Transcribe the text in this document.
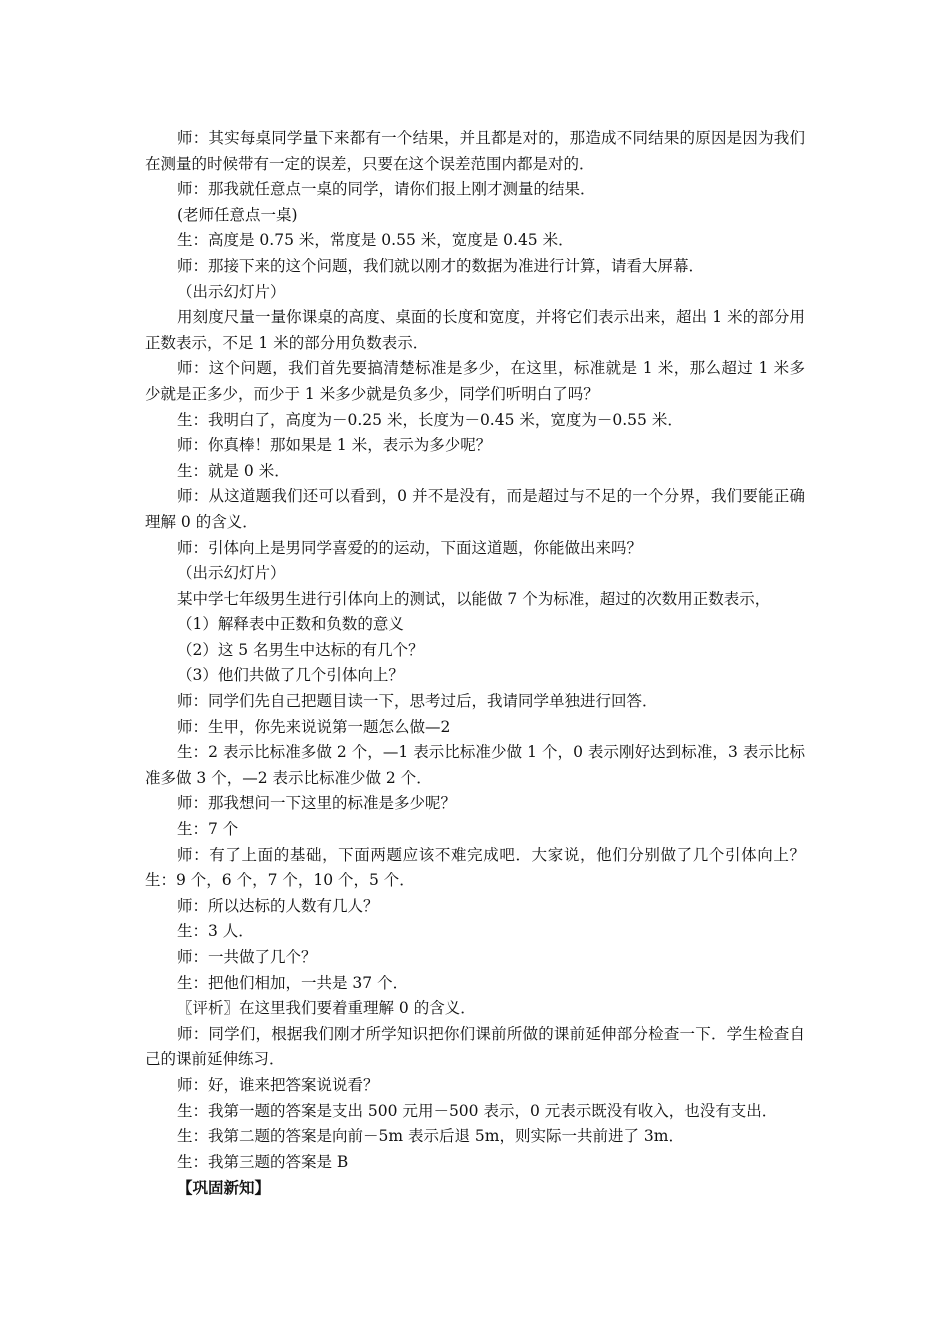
师：其实每桌同学量下来都有一个结果，并且都是对的，那造成不同结果的原因是因为我们在测量的时候带有一定的误差，只要在这个误差范围内都是对的．

师：那我就任意点一桌的同学，请你们报上刚才测量的结果．

(老师任意点一桌)

生：高度是 0.75 米，常度是 0.55 米，宽度是 0.45 米．

师：那接下来的这个问题，我们就以刚才的数据为准进行计算，请看大屏幕．

（出示幻灯片）

用刻度尺量一量你课桌的高度、桌面的长度和宽度，并将它们表示出来，超出 1 米的部分用正数表示，不足 1 米的部分用负数表示．

师：这个问题，我们首先要搞清楚标准是多少，在这里，标准就是 1 米，那么超过 1 米多少就是正多少，而少于 1 米多少就是负多少，同学们听明白了吗？

生：我明白了，高度为－0.25 米，长度为－0.45 米，宽度为－0.55 米．

师：你真棒！那如果是 1 米，表示为多少呢？

生：就是 0 米．

师：从这道题我们还可以看到，0 并不是没有，而是超过与不足的一个分界，我们要能正确理解 0 的含义．

师：引体向上是男同学喜爱的的运动，下面这道题，你能做出来吗？

（出示幻灯片）

某中学七年级男生进行引体向上的测试，以能做 7 个为标准，超过的次数用正数表示，

（1）解释表中正数和负数的意义

（2）这 5 名男生中达标的有几个？

（3）他们共做了几个引体向上？

师：同学们先自己把题目读一下，思考过后，我请同学单独进行回答．

师：生甲，你先来说说第一题怎么做—2

生：2 表示比标准多做 2 个，—1 表示比标准少做 1 个，0 表示刚好达到标准，3 表示比标准多做 3 个，—2 表示比标准少做 2 个．

师：那我想问一下这里的标准是多少呢？

生：7 个

师：有了上面的基础，下面两题应该不难完成吧．大家说，他们分别做了几个引体向上？ 生：9 个，6 个，7 个，10 个，5 个．

师：所以达标的人数有几人？

生：3 人．

师：一共做了几个？

生：把他们相加，一共是 37 个．

〖评析〗在这里我们要着重理解 0 的含义．

师：同学们，根据我们刚才所学知识把你们课前所做的课前延伸部分检查一下．学生检查自己的课前延伸练习．

师：好，谁来把答案说说看？

生：我第一题的答案是支出 500 元用－500 表示，0 元表示既没有收入，也没有支出．

生：我第二题的答案是向前－5m 表示后退 5m，则实际一共前进了 3m．

生：我第三题的答案是 B

【巩固新知】
